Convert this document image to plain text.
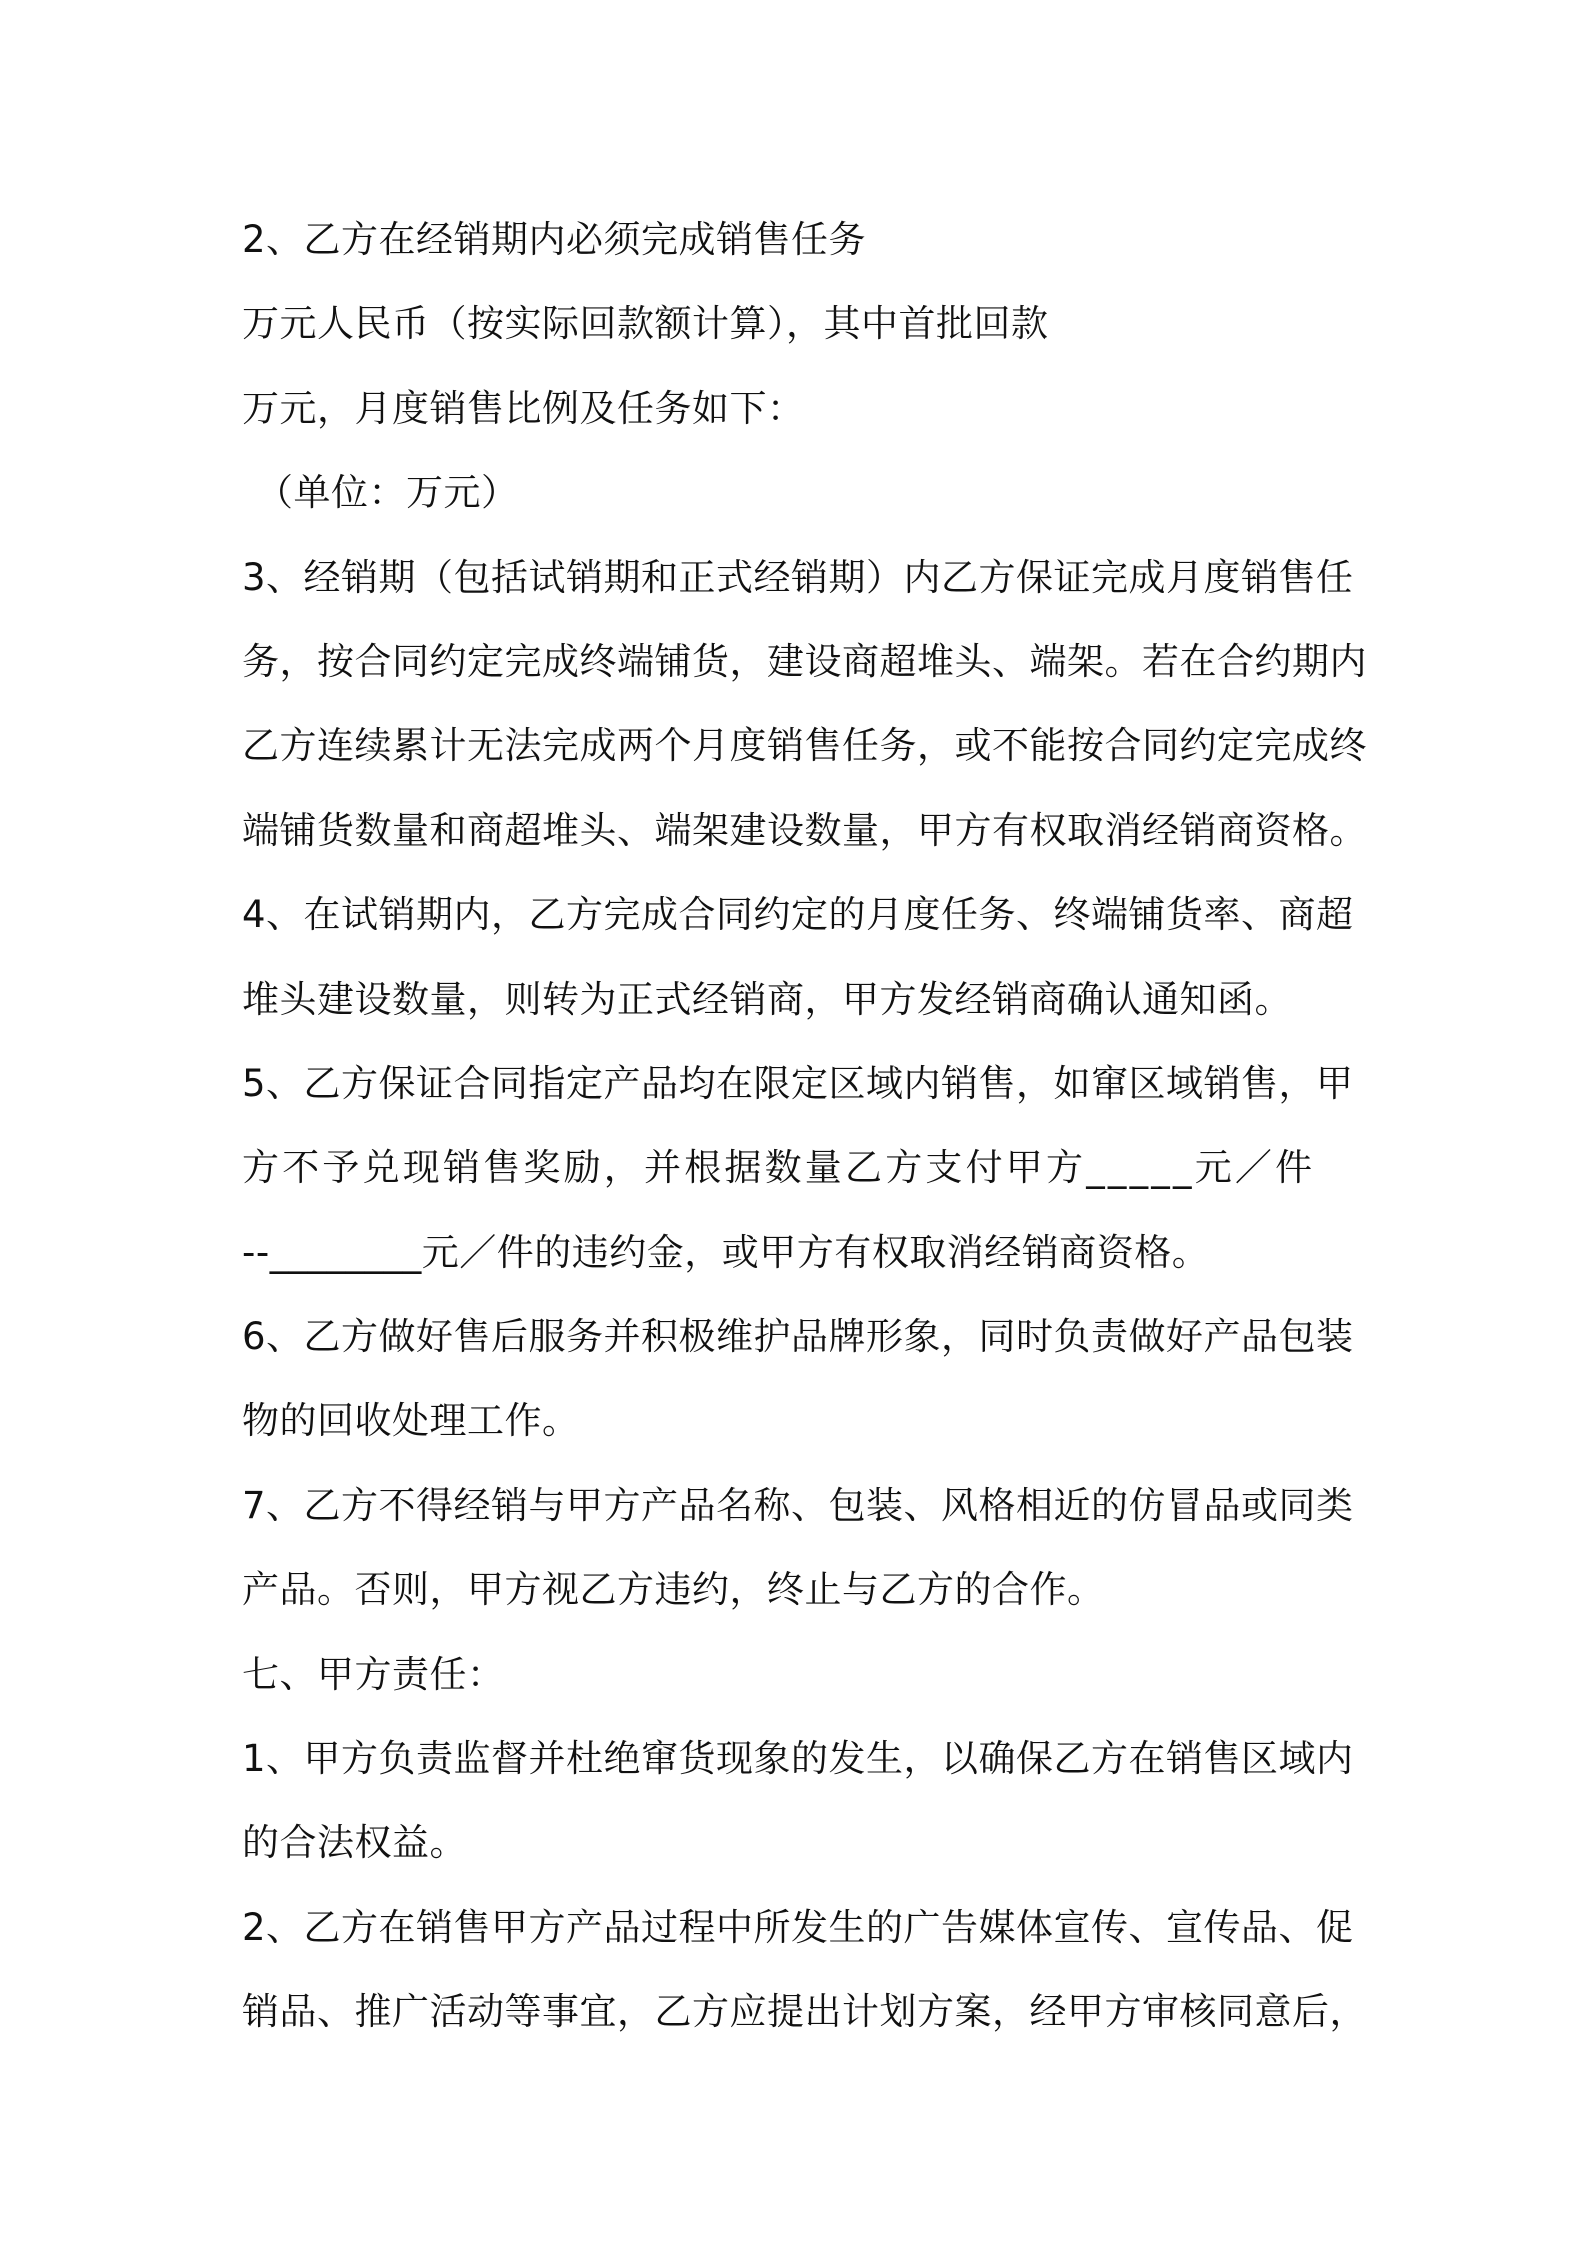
2、乙方在经销期内必须完成销售任务
万元人民币（按实际回款额计算），其中首批回款
万元，月度销售比例及任务如下：
（单位：万元）
3、经销期（包括试销期和正式经销期）内乙方保证完成月度销售任
务，按合同约定完成终端铺货，建设商超堆头、端架。若在合约期内
乙方连续累计无法完成两个月度销售任务，或不能按合同约定完成终
端铺货数量和商超堆头、端架建设数量，甲方有权取消经销商资格。
4、在试销期内，乙方完成合同约定的月度任务、终端铺货率、商超
堆头建设数量，则转为正式经销商，甲方发经销商确认通知函。
5、乙方保证合同指定产品均在限定区域内销售，如窜区域销售，甲
方不予兑现销售奖励，并根据数量乙方支付甲方_____元／件
--________元／件的违约金，或甲方有权取消经销商资格。
6、乙方做好售后服务并积极维护品牌形象，同时负责做好产品包装
物的回收处理工作。
7、乙方不得经销与甲方产品名称、包装、风格相近的仿冒品或同类
产品。否则，甲方视乙方违约，终止与乙方的合作。
七、甲方责任：
1、甲方负责监督并杜绝窜货现象的发生，以确保乙方在销售区域内
的合法权益。
2、乙方在销售甲方产品过程中所发生的广告媒体宣传、宣传品、促
销品、推广活动等事宜，乙方应提出计划方案，经甲方审核同意后，
